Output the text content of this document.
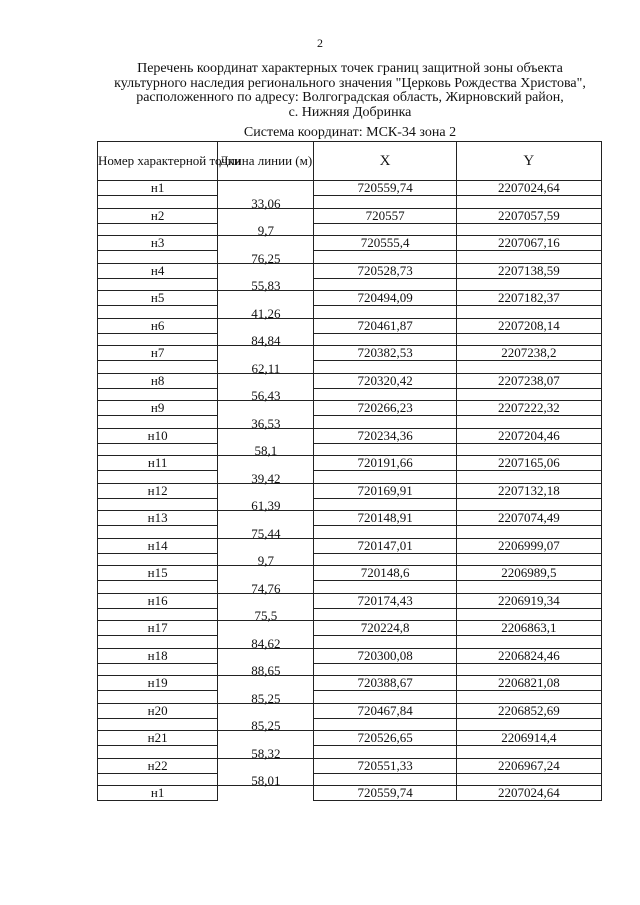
2
Перечень координат характерных точек границ защитной зоны объекта
культурного наследия регионального значения "Церковь Рождества Христова",
расположенного по адресу: Волгоградская область, Жирновский район,
с. Нижняя Добринка
Система координат: МСК-34 зона 2
Номер характерной точки	Длина линии (м)	X	Y
н1		720559,74	2207024,64

	33,06		

н2		720557	2207057,59

	9,7		

н3		720555,4	2207067,16

	76,25		

н4		720528,73	2207138,59

	55,83		

н5		720494,09	2207182,37

	41,26		

н6		720461,87	2207208,14

	84,84		

н7		720382,53	2207238,2

	62,11		

н8		720320,42	2207238,07

	56,43		

н9		720266,23	2207222,32

	36,53		

н10		720234,36	2207204,46

	58,1		

н11		720191,66	2207165,06

	39,42		

н12		720169,91	2207132,18

	61,39		

н13		720148,91	2207074,49

	75,44		

н14		720147,01	2206999,07

	9,7		

н15		720148,6	2206989,5

	74,76		

н16		720174,43	2206919,34

	75,5		

н17		720224,8	2206863,1

	84,62		

н18		720300,08	2206824,46

	88,65		

н19		720388,67	2206821,08

	85,25		

н20		720467,84	2206852,69

	85,25		

н21		720526,65	2206914,4

	58,32		

н22		720551,33	2206967,24

	58,01		

н1		720559,74	2207024,64
